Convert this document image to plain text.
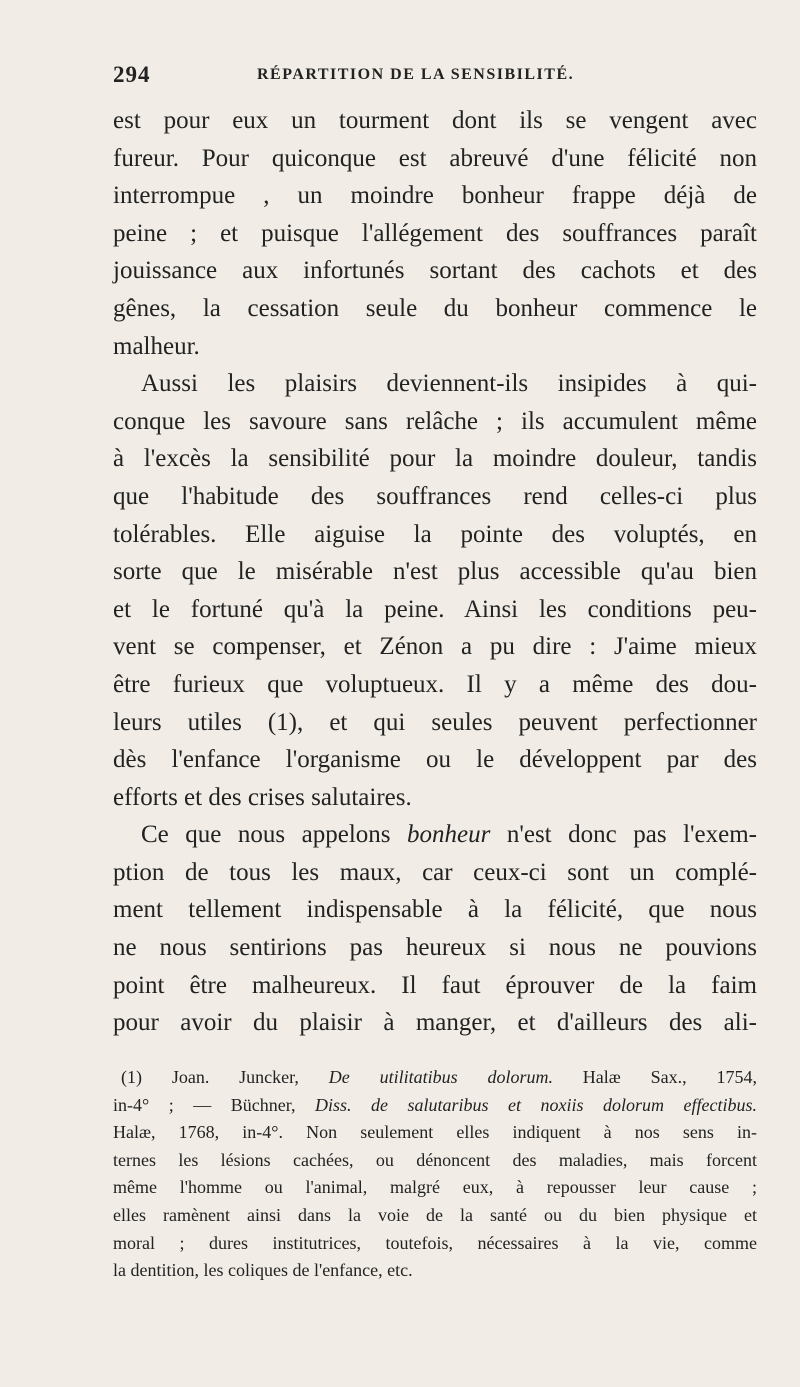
294	RÉPARTITION DE LA SENSIBILITÉ.
est pour eux un tourment dont ils se vengent avec
fureur. Pour quiconque est abreuvé d'une félicité non
interrompue , un moindre bonheur frappe déjà de
peine ; et puisque l'allégement des souffrances paraît
jouissance aux infortunés sortant des cachots et des
gênes, la cessation seule du bonheur commence le
malheur.
Aussi les plaisirs deviennent-ils insipides à qui-
conque les savoure sans relâche ; ils accumulent même
à l'excès la sensibilité pour la moindre douleur, tandis
que l'habitude des souffrances rend celles-ci plus
tolérables. Elle aiguise la pointe des voluptés, en
sorte que le misérable n'est plus accessible qu'au bien
et le fortuné qu'à la peine. Ainsi les conditions peu-
vent se compenser, et Zénon a pu dire : J'aime mieux
être furieux que voluptueux. Il y a même des dou-
leurs utiles (1), et qui seules peuvent perfectionner
dès l'enfance l'organisme ou le développent par des
efforts et des crises salutaires.
Ce que nous appelons bonheur n'est donc pas l'exem-
ption de tous les maux, car ceux-ci sont un complé-
ment tellement indispensable à la félicité, que nous
ne nous sentirions pas heureux si nous ne pouvions
point être malheureux. Il faut éprouver de la faim
pour avoir du plaisir à manger, et d'ailleurs des ali-
(1) Joan. Juncker, De utilitatibus dolorum. Halæ Sax., 1754,
in-4° ; — Büchner, Diss. de salutaribus et noxiis dolorum effectibus.
Halæ, 1768, in-4°. Non seulement elles indiquent à nos sens in-
ternes les lésions cachées, ou dénoncent des maladies, mais forcent
même l'homme ou l'animal, malgré eux, à repousser leur cause ;
elles ramènent ainsi dans la voie de la santé ou du bien physique et
moral ; dures institutrices, toutefois, nécessaires à la vie, comme
la dentition, les coliques de l'enfance, etc.
